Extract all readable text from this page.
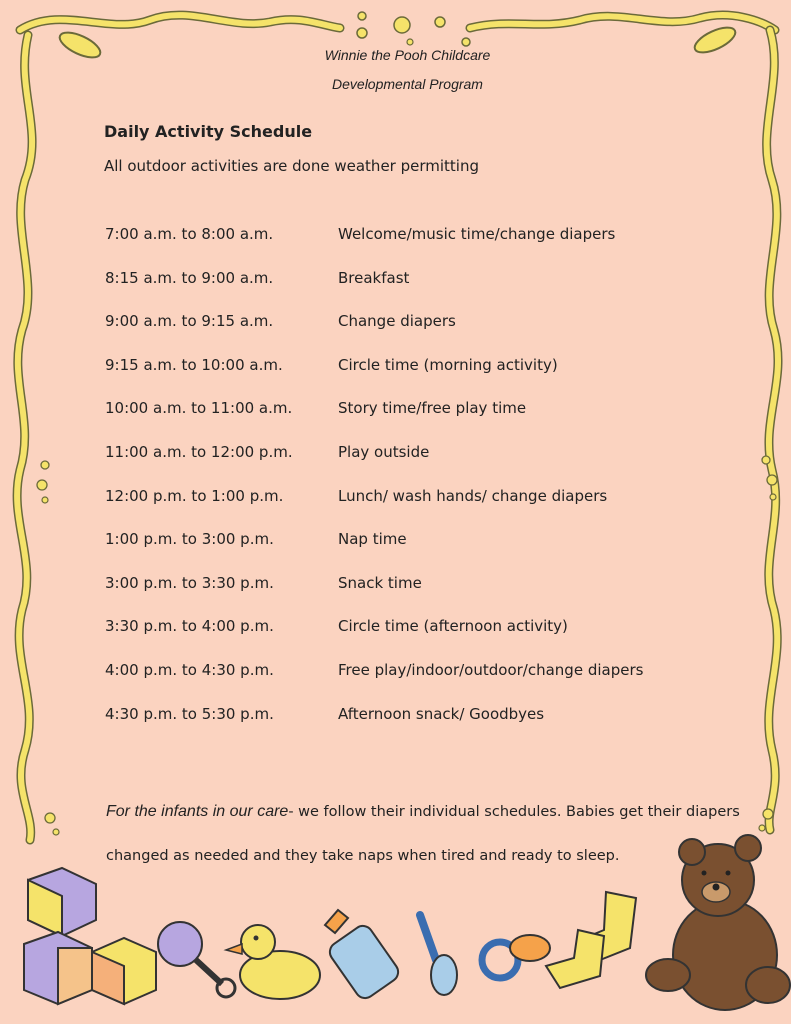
Winnie the Pooh Childcare
Developmental Program
Daily Activity Schedule
All outdoor activities are done weather permitting
7:00 a.m. to 8:00 a.m.	Welcome/music time/change diapers
8:15 a.m. to 9:00 a.m.	Breakfast
9:00 a.m. to 9:15 a.m.	Change diapers
9:15 a.m. to 10:00 a.m.	Circle time (morning activity)
10:00 a.m. to 11:00 a.m.	Story time/free play time
11:00 a.m. to 12:00 p.m.	Play outside
12:00 p.m. to 1:00 p.m.	Lunch/ wash hands/ change diapers
1:00 p.m. to 3:00 p.m.	Nap time
3:00 p.m. to 3:30 p.m.	Snack time
3:30 p.m. to 4:00 p.m.	Circle time (afternoon activity)
4:00 p.m. to 4:30 p.m.	Free play/indoor/outdoor/change diapers
4:30 p.m. to 5:30 p.m.	Afternoon snack/ Goodbyes
For the infants in our care- we follow their individual schedules. Babies get their diapers changed as needed and they take naps when tired and ready to sleep.
